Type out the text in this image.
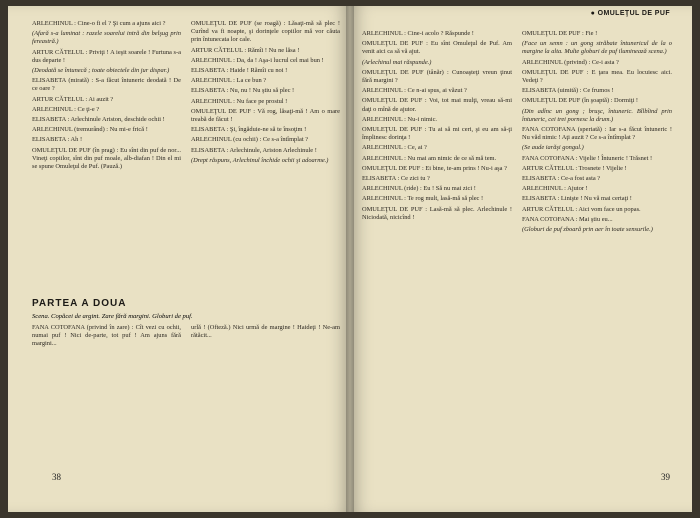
ARLECHINUL : Cine-o fi el ? Şi cum a ajuns aici ?

(Afară s-a luminat : razele soarelui intră din belşug prin fereastră.)

ARTUR CĂTELUL : Priviţi ! A ieşit soarele ! Furtuna s-a dus departe !

(Deodată se întunecă ; toate obiectele din jur dispar.)

ELISABETA (mirată) : S-a făcut întuneric deodată ! De ce oare ?

ARTUR CĂTELUL : Ai auzit ?

ARLECHINUL : Ce ţi-e ?

ELISABETA : Arlechinule Ariston, deschide ochii !

ARLECHINUL (tremurând) : Nu mi-e frică !

ELISABETA : Ah !

OMULEŢUL DE PUF (în prag) : Eu sînt din puf de nor... Vineţi copiilor, sînt din puf moale, alb-diafan ! Din el mi se spune Omuleţul de Puf. (Pauză.)

OMULEŢUL DE PUF (se roagă) : Lăsaţi-mă să plec ! Curînd va fi noapte, şi dorinţele copiilor mă vor căuta prin întunecata lor cale.

ARTUR CĂTELUL : Rămîi ! Nu ne lăsa !

ARLECHINUL : Da, da ! Aşa-i lucrul cel mai bun !

ELISABETA : Haide ! Rămîi cu noi !

ARLECHINUL : La ce bun ?

ELISABETA : Nu, nu ! Nu ştiu să plec !

ARLECHINUL : Nu face pe prostul !

OMULEŢUL DE PUF : Vă rog, lăsaţi-mă ! Am o mare treabă de făcut !

ELISABETA : Şi, îngăduie-ne să te însoţim !

ARLECHINUL (cu ochii) : Ce s-a întîmplat ?

ELISABETA : Arlechinule, Ariston Arlechinule !

(Drept răspuns, Arlechinul închide ochii şi adoarme.)

PARTEA A DOUA
Scena. Copăcei de argint. Zare fără margini. Globuri de puf.

FANA COTOFANA (privind în zare) : Cît vezi cu ochii, numai puf ! Nici de-parte, tot puf ! Am ajuns fără margini...

urlă ! (Ofteză.) Nici urmă de margine ! Haideţi ! Ne-am rătăcit...

38
● OMULEŢUL DE PUF

ARLECHINUL : Cine-i acolo ? Răspunde !

OMULEŢUL DE PUF : Eu sînt Omuleţul de Puf. Am venit aici ca să vă ajut.

(Arlechinul mai răspunde.)

OMULEŢUL DE PUF (tânăr) : Cunoaşteţi vreun ţinut fără margini ?

ARLECHINUL : Ce n-ai spus, ai văzut ?

OMULEŢUL DE PUF : Voi, tot mai mulţi, vreau să-mi daţi o mînă de ajutor.

ARLECHINUL : Nu-i nimic.

OMULEŢUL DE PUF : Tu ai să mi ceri, şi eu am să-ţi împlinesc dorinţa !

ARLECHINUL : Ce, ai ?

ARLECHINUL : Nu mai am nimic de ce să mă tem.

OMULEŢUL DE PUF : Ei bine, te-am prins ! Nu-i aşa ?

ELISABETA : Ce zici tu ?

ARLECHINUL (ride) : Eu ! Să nu mai zici !

ARLECHINUL : Te rog mult, lasă-mă să plec !

OMULEŢUL DE PUF : Lasă-mă să plec. Arlechinule ! Niciodată, nicicînd !

OMULEŢUL DE PUF : Fie !

(Face un semn : un gong străbate întunericul de la o margine la alta. Multe globuri de puf iluminează scena.)

ARLECHINUL (privind) : Ce-i asta ?

OMULEŢUL DE PUF : E ţara mea. Eu locuiesc aici. Vedeţi ?

ELISABETA (uimită) : Ce frumos !

OMULEŢUL DE PUF (în şoaptă) : Dormiţi !

(Din adînc un gong ; bruşc, întuneric. Bîlbîind prin întuneric, cei trei pornesc la drum.)

FANA COTOFANA (speriată) : Iar s-a făcut întuneric ! Nu văd nimic ! Aţi auzit ? Ce s-a întîmplat ?

(Se aude iarăşi gongul.)

FANA COTOFANA : Vijelie ! Întuneric ! Trăsnet !

ARTUR CĂTELUL : Trosnete ! Vijelie !

ELISABETA : Ce-a fost asta ?

ARLECHINUL : Ajutor !

ELISABETA : Linişte ! Nu vă mai certaţi !

ARTUR CĂTELUL : Aici vom face un popas.

FANA COTOFANA : Mai ştiu eu...

(Globuri de puf zboară prin aer în toate sensurile.)

39
